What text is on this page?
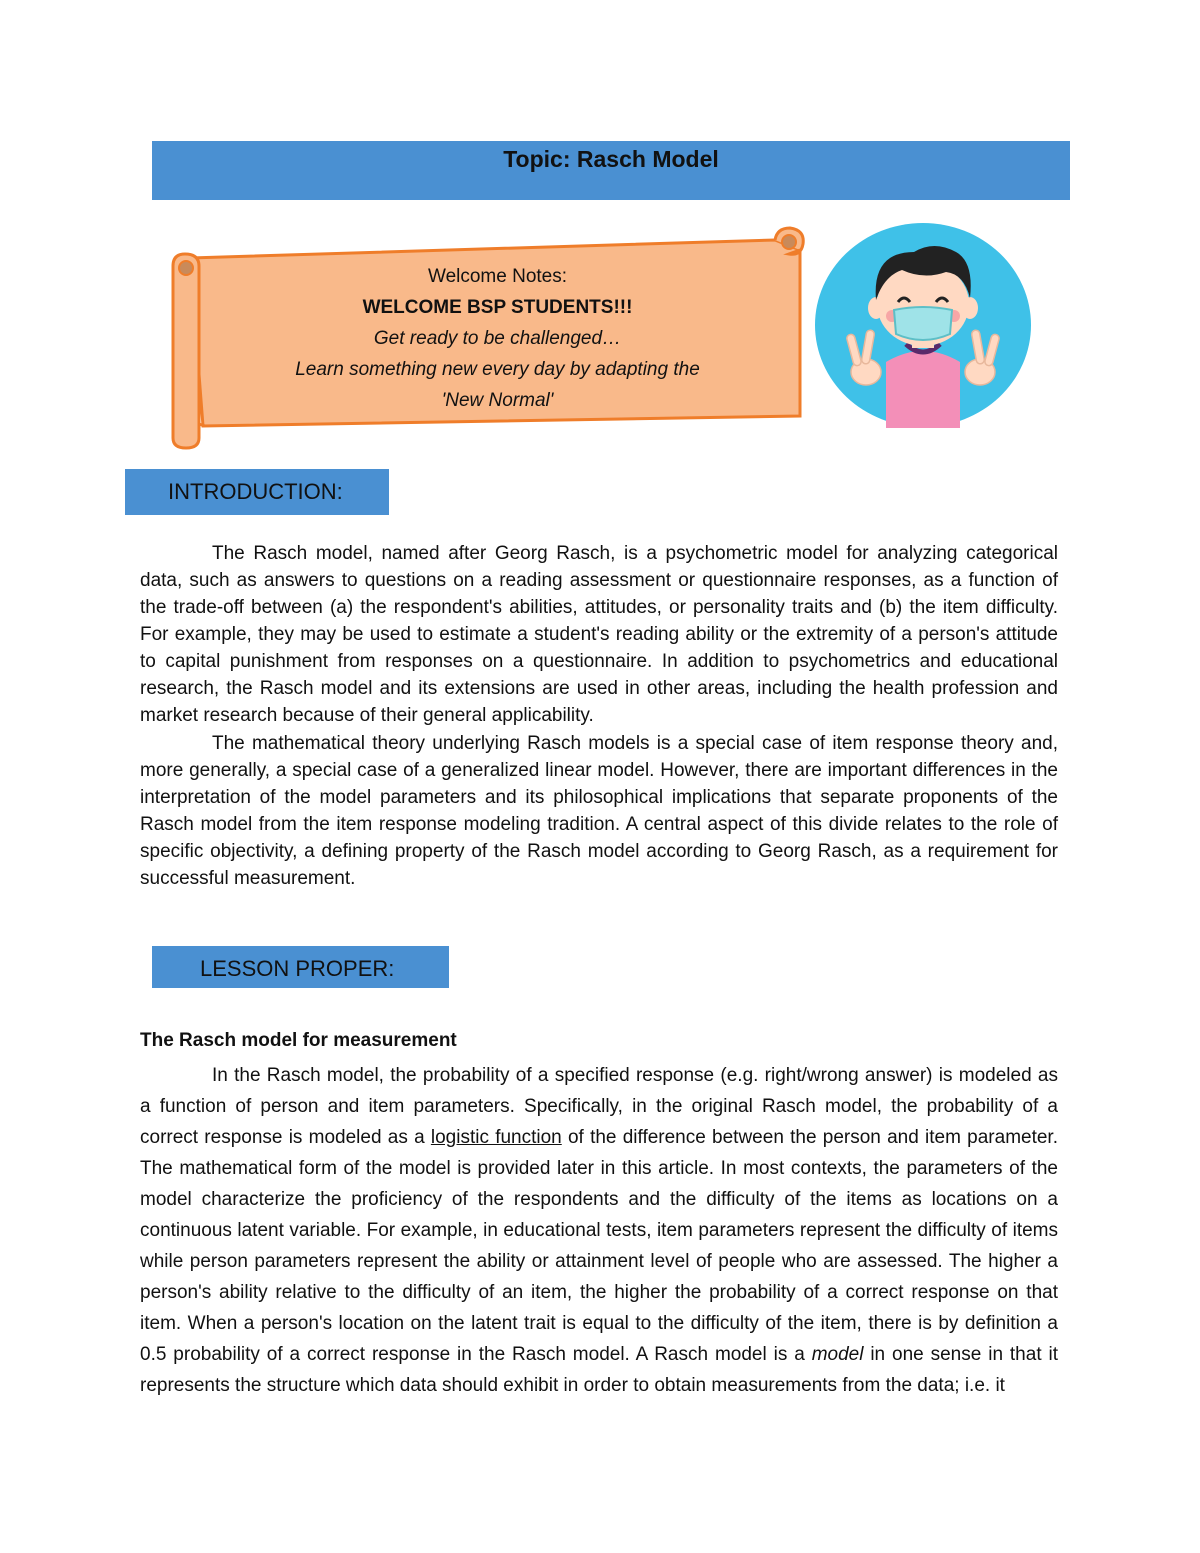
Topic: Rasch Model
Welcome Notes:
WELCOME BSP STUDENTS!!!
Get ready to be challenged…
Learn something new every day by adapting the
'New Normal'
INTRODUCTION:

The Rasch model, named after Georg Rasch, is a psychometric model for analyzing categorical data, such as answers to questions on a reading assessment or questionnaire responses, as a function of the trade-off between (a) the respondent's abilities, attitudes, or personality traits and (b) the item difficulty. For example, they may be used to estimate a student's reading ability or the extremity of a person's attitude to capital punishment from responses on a questionnaire. In addition to psychometrics and educational research, the Rasch model and its extensions are used in other areas, including the health profession and market research because of their general applicability.

The mathematical theory underlying Rasch models is a special case of item response theory and, more generally, a special case of a generalized linear model. However, there are important differences in the interpretation of the model parameters and its philosophical implications that separate proponents of the Rasch model from the item response modeling tradition. A central aspect of this divide relates to the role of specific objectivity, a defining property of the Rasch model according to Georg Rasch, as a requirement for successful measurement.

LESSON PROPER:
The Rasch model for measurement

In the Rasch model, the probability of a specified response (e.g. right/wrong answer) is modeled as a function of person and item parameters. Specifically, in the original Rasch model, the probability of a correct response is modeled as a logistic function of the difference between the person and item parameter. The mathematical form of the model is provided later in this article. In most contexts, the parameters of the model characterize the proficiency of the respondents and the difficulty of the items as locations on a continuous latent variable. For example, in educational tests, item parameters represent the difficulty of items while person parameters represent the ability or attainment level of people who are assessed. The higher a person's ability relative to the difficulty of an item, the higher the probability of a correct response on that item. When a person's location on the latent trait is equal to the difficulty of the item, there is by definition a 0.5 probability of a correct response in the Rasch model. A Rasch model is a model in one sense in that it represents the structure which data should exhibit in order to obtain measurements from the data; i.e. it
